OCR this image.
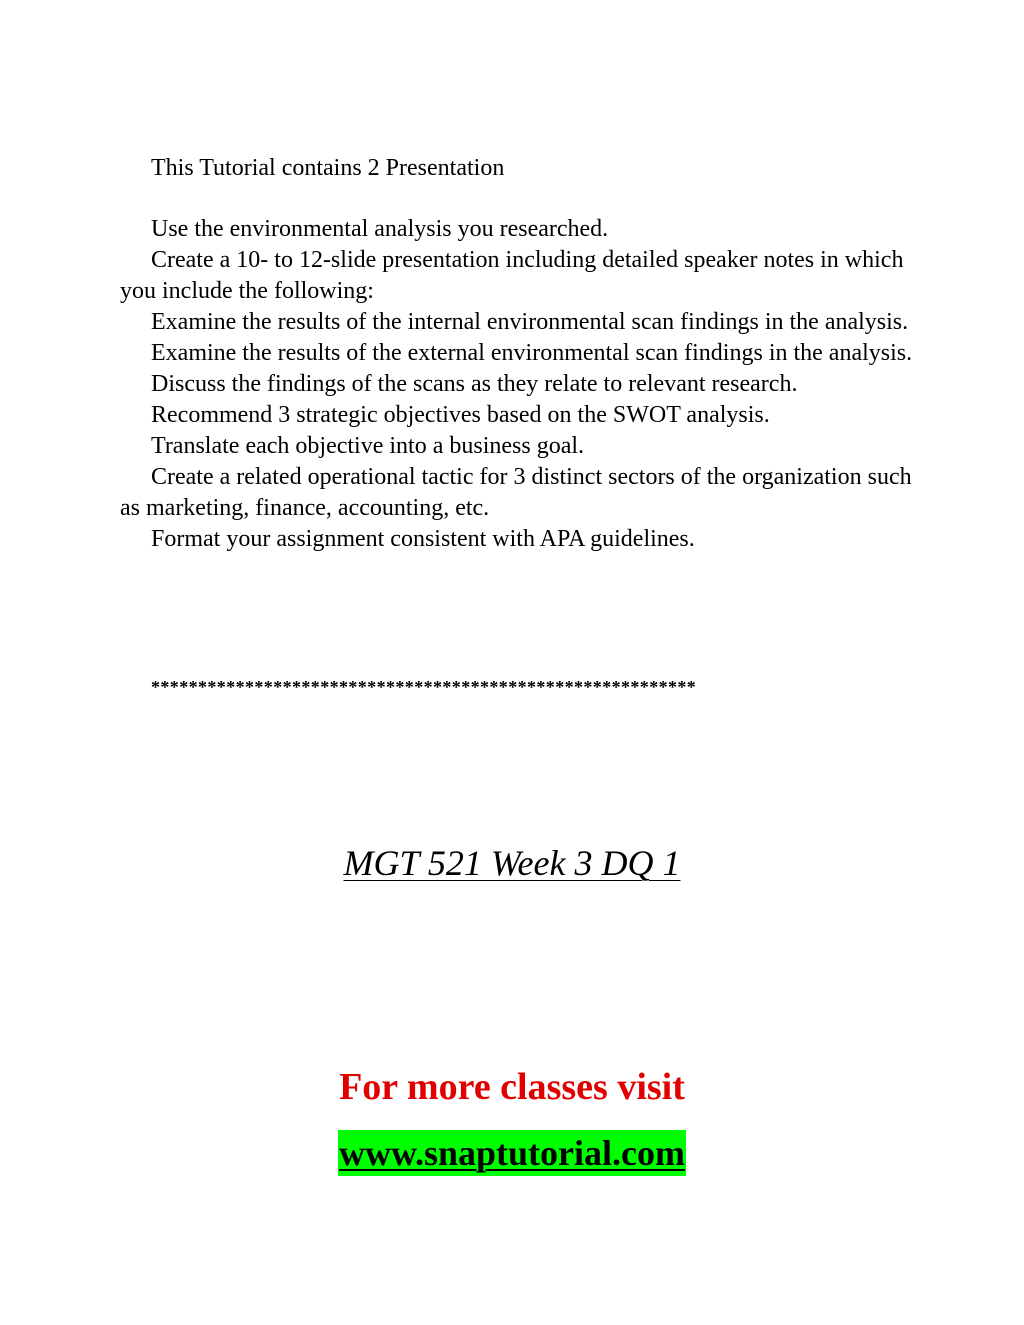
This Tutorial contains 2 Presentation

Use the environmental analysis you researched.

Create a 10- to 12-slide presentation including detailed speaker notes in which you include the following:

Examine the results of the internal environmental scan findings in the analysis.

Examine the results of the external environmental scan findings in the analysis.

Discuss the findings of the scans as they relate to relevant research.

Recommend 3 strategic objectives based on the SWOT analysis.

Translate each objective into a business goal.

Create a related operational tactic for 3 distinct sectors of the organization such as marketing, finance, accounting, etc.

Format your assignment consistent with APA guidelines.

**********************************************************
MGT 521 Week 3 DQ 1
For more classes visit
www.snaptutorial.com
